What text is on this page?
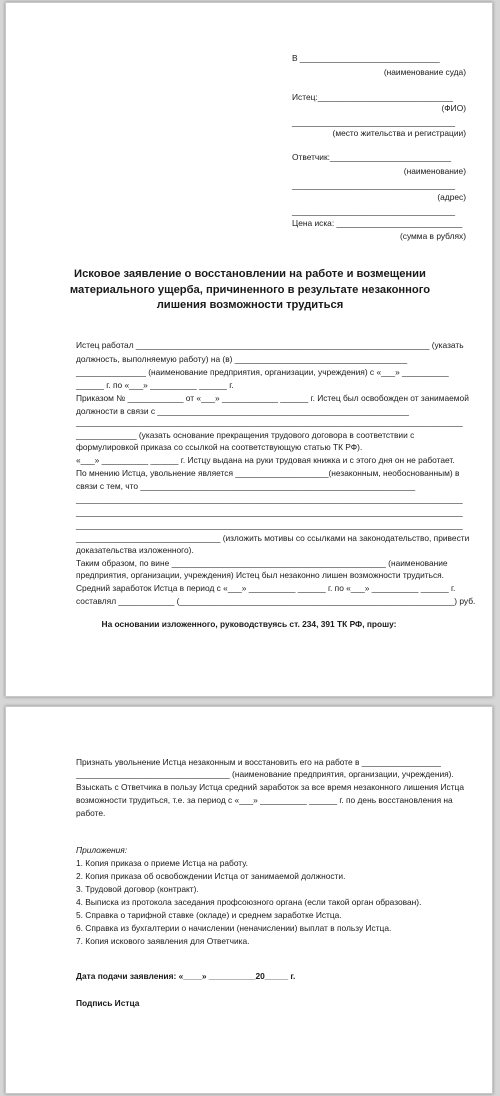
В ______________________________
(наименование суда)
Истец:_____________________________
(ФИО)
___________________________________
(место жительства и регистрации)
Ответчик:__________________________
(наименование)
___________________________________
(адрес)
___________________________________
Цена иска: ___________________________
(сумма в рублях)
Исковое заявление о восстановлении на работе и возмещении материального ущерба, причиненного в результате незаконного лишения возможности трудиться
Истец работал _______________________________________________________________ (указать
должность, выполняемую работу) на (в) _____________________________________
_______________ (наименование предприятия, организации, учреждения) с «___» __________
______ г. по «___» __________ ______ г.
Приказом № ____________ от «___» ____________ ______ г. Истец был освобожден от занимаемой
должности в связи с ______________________________________________________
___________________________________________________________________________________
_____________ (указать основание прекращения трудового договора в соответствии с
формулировкой приказа со ссылкой на соответствующую статью ТК РФ).
«___» __________ ______ г. Истцу выдана на руки трудовая книжка и с этого дня он не работает.
По мнению Истца, увольнение является ____________________(незаконным, необоснованным) в
связи с тем, что ___________________________________________________________
___________________________________________________________________________________
___________________________________________________________________________________
___________________________________________________________________________________
_______________________________ (изложить мотивы со ссылками на законодательство, привести
доказательства изложенного).
Таким образом, по вине ______________________________________________ (наименование
предприятия, организации, учреждения) Истец был незаконно лишен возможности трудиться.
Средний заработок Истца в период с «___» __________ ______ г. по «___» __________ ______ г.
составлял ____________ (___________________________________________________________) руб.
На основании изложенного, руководствуясь ст. 234, 391 ТК РФ, прошу:
Признать увольнение Истца незаконным и восстановить его на работе в _________________
_________________________________ (наименование предприятия, организации, учреждения).
Взыскать с Ответчика в пользу Истца средний заработок за все время незаконного лишения Истца
возможности трудиться, т.е. за период с «___» __________ ______ г. по день восстановления на
работе.
Приложения:
1. Копия приказа о приеме Истца на работу.
2. Копия приказа об освобождении Истца от занимаемой должности.
3. Трудовой договор (контракт).
4. Выписка из протокола заседания профсоюзного органа (если такой орган образован).
5. Справка о тарифной ставке (окладе) и среднем заработке Истца.
6. Справка из бухгалтерии о начислении (неначислении) выплат в пользу Истца.
7. Копия искового заявления для Ответчика.
Дата подачи заявления: «____» __________20_____ г.
Подпись Истца
